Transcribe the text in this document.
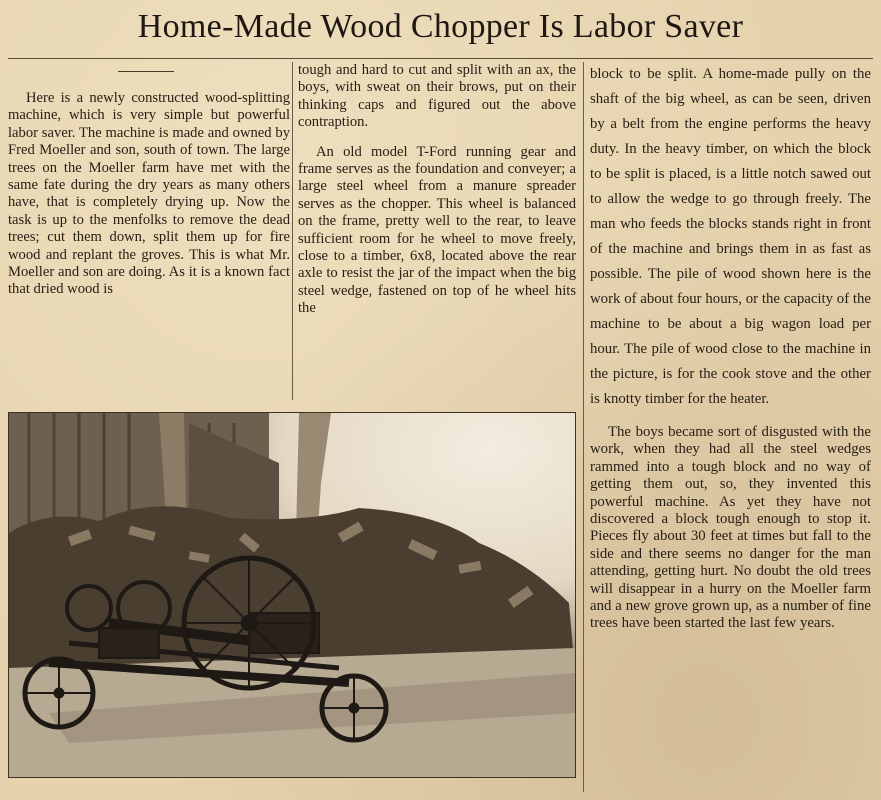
Home-Made Wood Chopper Is Labor Saver

Here is a newly constructed wood-splitting machine, which is very simple but powerful labor saver. The machine is made and owned by Fred Moeller and son, south of town. The large trees on the Moeller farm have met with the same fate during the dry years as many others have, that is completely drying up. Now the task is up to the menfolks to remove the dead trees; cut them down, split them up for fire wood and replant the groves. This is what Mr. Moeller and son are doing. As it is a known fact that dried wood is

tough and hard to cut and split with an ax, the boys, with sweat on their brows, put on their thinking caps and figured out the above contraption.

An old model T-Ford running gear and frame serves as the foundation and conveyer; a large steel wheel from a manure spreader serves as the chopper. This wheel is balanced on the frame, pretty well to the rear, to leave sufficient room for he wheel to move freely, close to a timber, 6x8, located above the rear axle to resist the jar of the impact when the big steel wedge, fastened on top of he wheel hits the

block to be split. A home-made pully on the shaft of the big wheel, as can be seen, driven by a belt from the engine performs the heavy duty. In the heavy timber, on which the block to be split is placed, is a little notch sawed out to allow the wedge to go through freely. The man who feeds the blocks stands right in front of the machine and brings them in as fast as possible. The pile of wood shown here is the work of about four hours, or the capacity of the machine to be about a big wagon load per hour. The pile of wood close to the machine in the picture, is for the cook stove and the other is knotty timber for the heater.

The boys became sort of disgusted with the work, when they had all the steel wedges rammed into a tough block and no way of getting them out, so, they invented this powerful machine. As yet they have not discovered a block tough enough to stop it. Pieces fly about 30 feet at times but fall to the side and there seems no danger for the man attending, getting hurt. No doubt the old trees will disappear in a hurry on the Moeller farm and a new grove grown up, as a number of fine trees have been started the last few years.
